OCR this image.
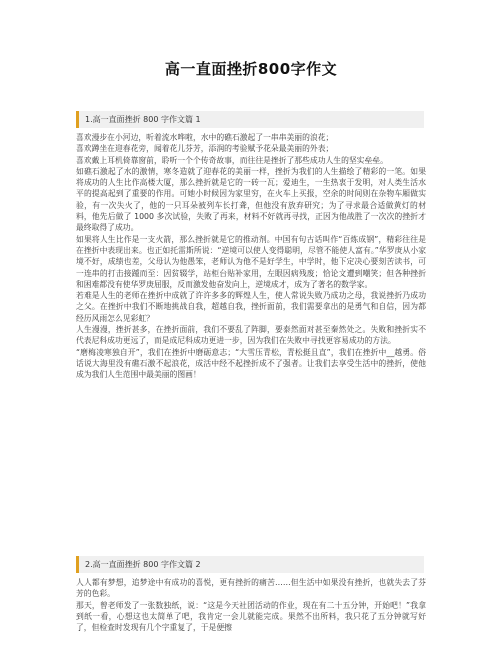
高一直面挫折800字作文
1.高一直面挫折 800 字作文篇 1

喜欢漫步在小河边，听着流水哗啦，水中的礁石激起了一串串美丽的浪花；

喜欢蹲坐在迎春花旁，闻着花儿芬芳，添润的考验赋予花朵最美丽的外表；

喜欢戴上耳机倚靠窗前，聆听一个个传奇故事，而往往是挫折了那些成功人生的坚实垒垒。

如礁石激起了水的激情，寒冬造就了迎春花的美丽一样，挫折为我们的人生描绘了精彩的一笔。如果将成功的人生比作高楼大厦，那么挫折就是它的一砖一瓦；爱迪生，一生热衷于发明，对人类生活水平的提高起到了重要的作用。可她小时候因为家里穷，在火车上买报，空余的时间则在杂物车厢做实验，有一次失火了，他的一只耳朵被列车长打聋，但他没有放弃研究；为了寻求最合适做黄灯的材料，他先后做了 1000 多次试验，失败了再来，材料不好就再寻找，正因为他战胜了一次次的挫折才最终取得了成功。

如果将人生比作是一支火箭，那么挫折就是它的推动剂。中国有句古话叫作“百炼成钢”，精彩往往是在挫折中表现出来。也正如托雷斯所说：“逆境可以使人变得聪明，尽管不能使人富有。”华罗庚从小家境不好，成绩也差，父母认为他愚笨，老师认为他不是好学生，中学时，他下定决心要刻苦读书，可一连串的打击接踵而至：因贫辍学，站柜台贴补家用，左眼因病残废；恰论文遭到嘲笑；但各种挫折和困难都没有使华罗庚屈服，反而激发他奋发向上，逆境成才，成为了著名的数学家。

若难是人生的老师在挫折中成就了许许多多的辉煌人生，使人常说失败乃成功之母，我说挫折乃成功之父。在挫折中我们不断地挑战自我，超越自我，挫折面前，我们需要拿出的是勇气和自信，因为都经历风雨怎么见彩虹？

人生漫漫，挫折甚多，在挫折面前，我们不要乱了阵脚，要泰然面对甚至秦然处之。失败和挫折实不代表尼科成功更远了，而是成尼科成功更进一步，因为我们在失败中寻找更容易成功的方法。

“磨梅凌寒独自开”，我们在挫折中磨砺意志；“大雪压青松，青松挺且直”，我们在挫折中__越勇。俗话说大海里没有礁石激不起浪花，成活中经不起挫折成不了强者。让我们去享受生活中的挫折，使他成为我们人生范围中最美丽的图画！

2.高一直面挫折 800 字作文篇 2

人人都有梦想，追梦途中有成功的喜悦，更有挫折的痛苦……但生活中如果没有挫折，也就失去了芬芳的色彩。

那天，曾老师发了一张数独纸，说：“这是今天社团活动的作业，现在有二十五分钟，开始吧！”我拿到纸一看，心想这也太简单了吧，我肯定一会儿就能完成。果然不出所料，我只花了五分钟就写好了，但检查时发现有几个字重复了，于是便擦
